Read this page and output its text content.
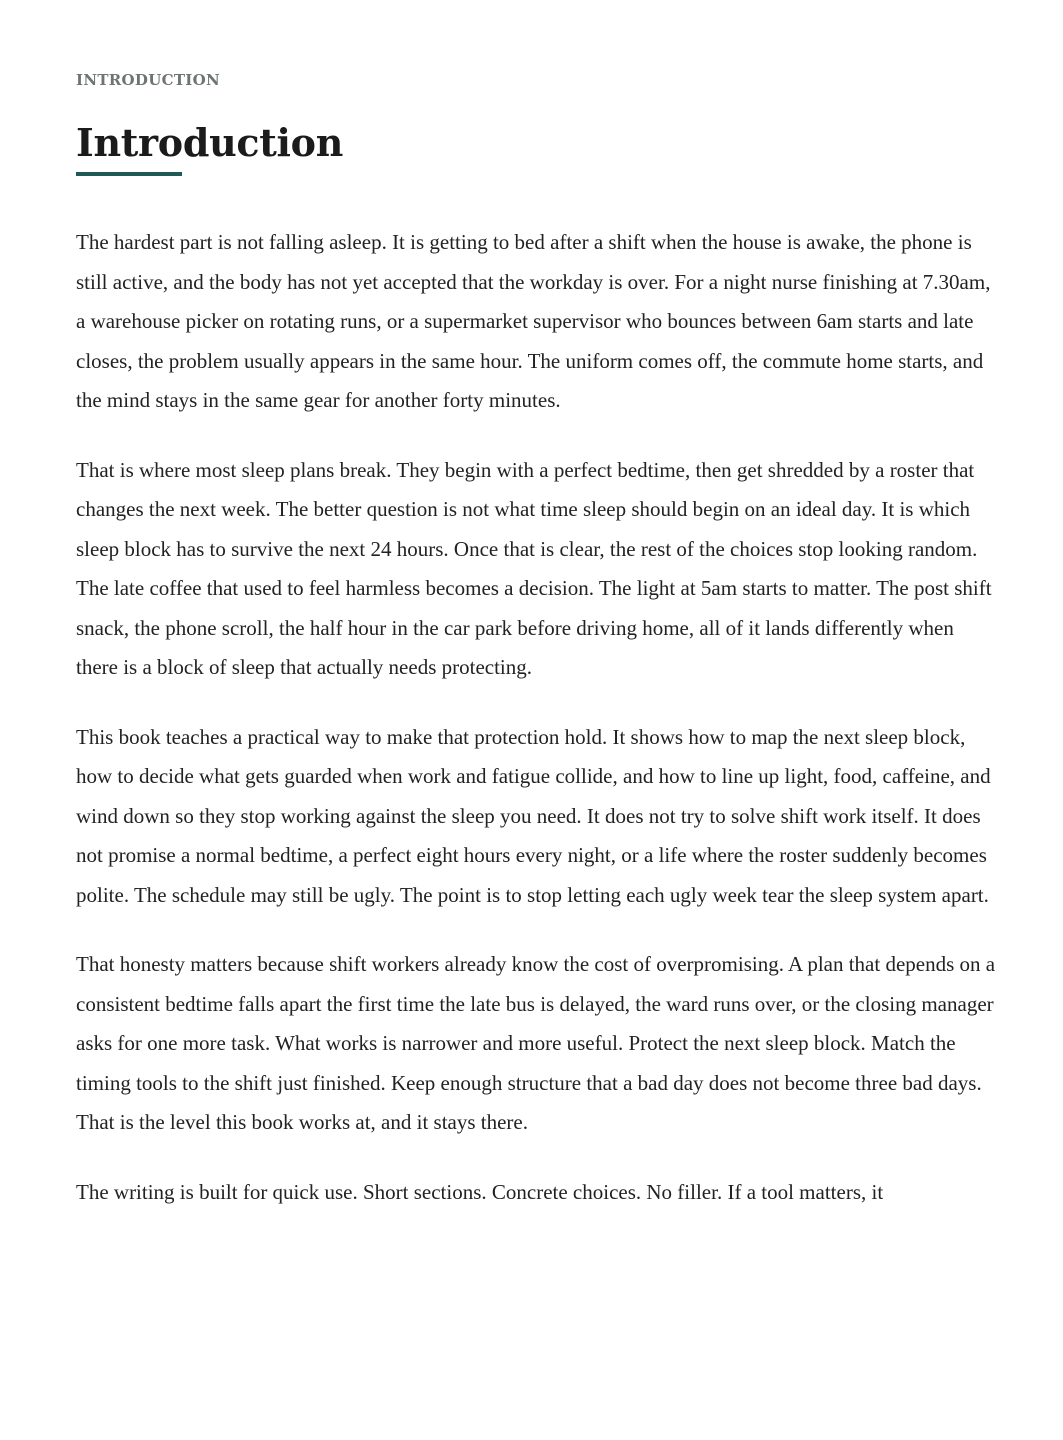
INTRODUCTION
Introduction

The hardest part is not falling asleep. It is getting to bed after a shift when the house is awake, the phone is still active, and the body has not yet accepted that the workday is over. For a night nurse finishing at 7.30am, a warehouse picker on rotating runs, or a supermarket supervisor who bounces between 6am starts and late closes, the problem usually appears in the same hour. The uniform comes off, the commute home starts, and the mind stays in the same gear for another forty minutes.

That is where most sleep plans break. They begin with a perfect bedtime, then get shredded by a roster that changes the next week. The better question is not what time sleep should begin on an ideal day. It is which sleep block has to survive the next 24 hours. Once that is clear, the rest of the choices stop looking random. The late coffee that used to feel harmless becomes a decision. The light at 5am starts to matter. The post shift snack, the phone scroll, the half hour in the car park before driving home, all of it lands differently when there is a block of sleep that actually needs protecting.

This book teaches a practical way to make that protection hold. It shows how to map the next sleep block, how to decide what gets guarded when work and fatigue collide, and how to line up light, food, caffeine, and wind down so they stop working against the sleep you need. It does not try to solve shift work itself. It does not promise a normal bedtime, a perfect eight hours every night, or a life where the roster suddenly becomes polite. The schedule may still be ugly. The point is to stop letting each ugly week tear the sleep system apart.

That honesty matters because shift workers already know the cost of overpromising. A plan that depends on a consistent bedtime falls apart the first time the late bus is delayed, the ward runs over, or the closing manager asks for one more task. What works is narrower and more useful. Protect the next sleep block. Match the timing tools to the shift just finished. Keep enough structure that a bad day does not become three bad days. That is the level this book works at, and it stays there.

The writing is built for quick use. Short sections. Concrete choices. No filler. If a tool matters, it
